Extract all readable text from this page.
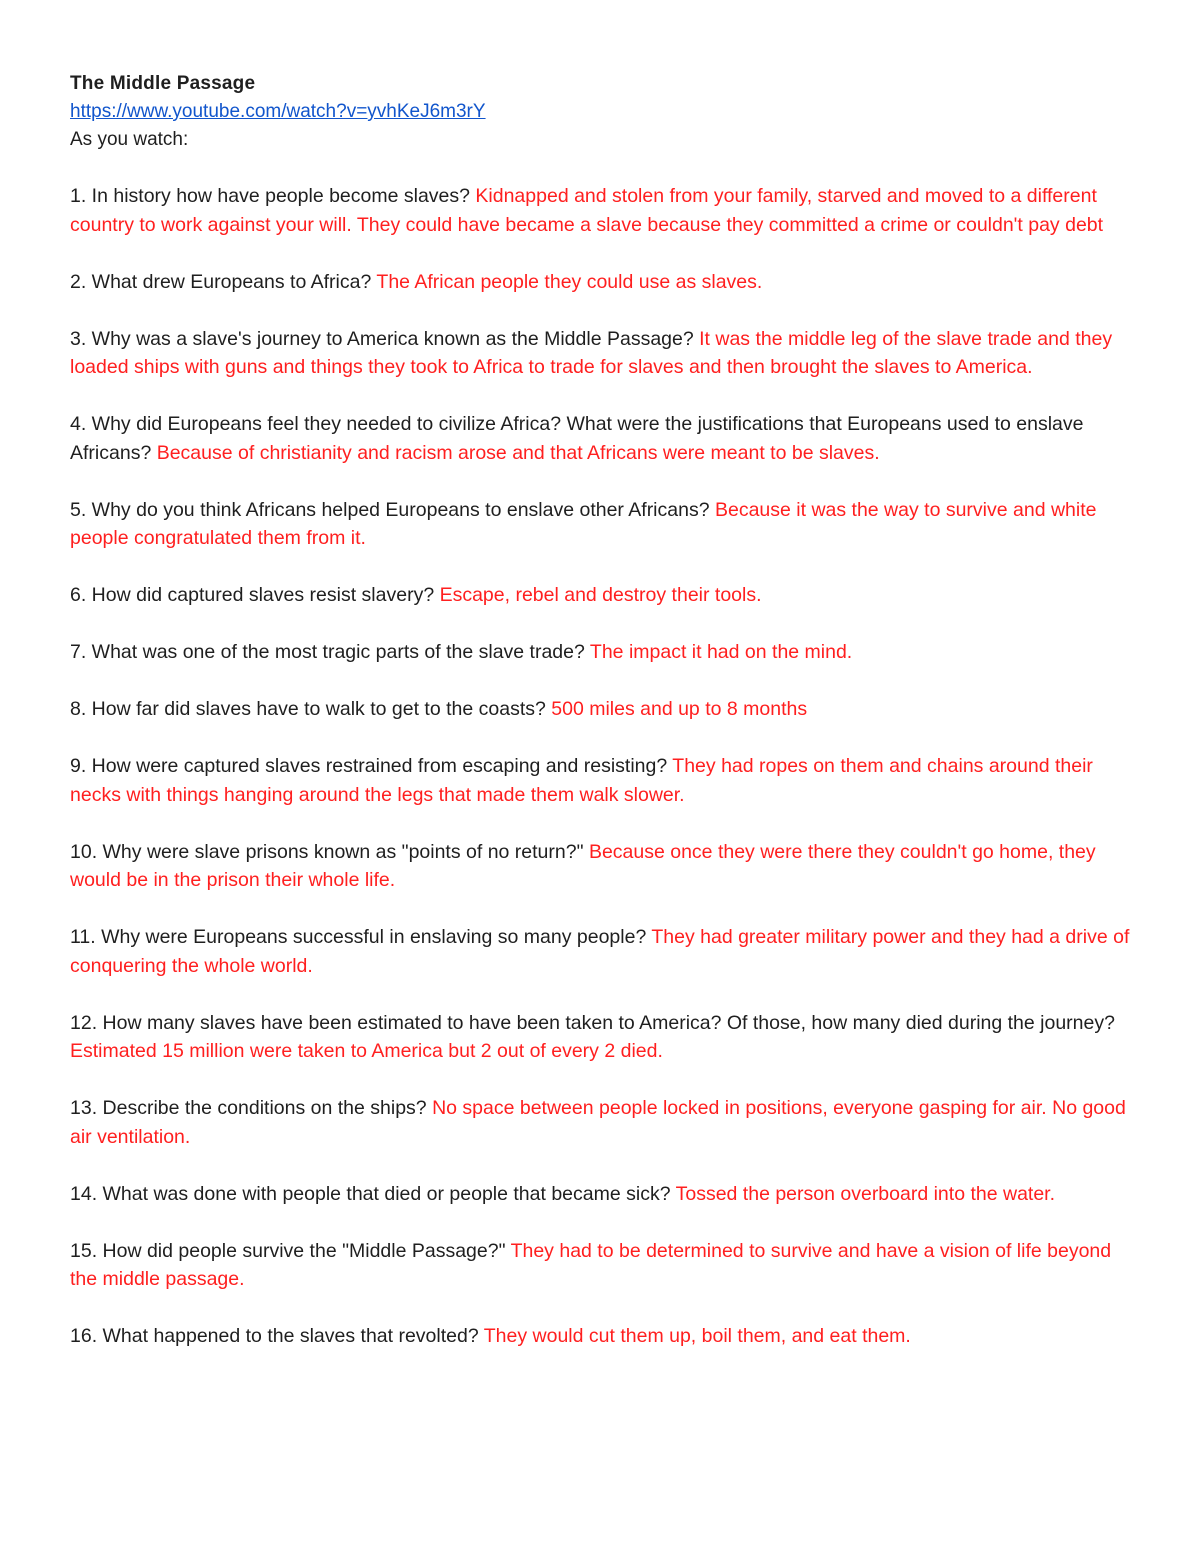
The Middle Passage

https://www.youtube.com/watch?v=yvhKeJ6m3rY

As you watch:

1. In history how have people become slaves? Kidnapped and stolen from your family, starved and moved to a different country to work against your will. They could have became a slave because they committed a crime or couldn't pay debt

2. What drew Europeans to Africa? The African people they could use as slaves.

3. Why was a slave's journey to America known as the Middle Passage? It was the middle leg of the slave trade and they loaded ships with guns and things they took to Africa to trade for slaves and then brought the slaves to America.

4. Why did Europeans feel they needed to civilize Africa? What were the justifications that Europeans used to enslave Africans? Because of christianity and racism arose and that Africans were meant to be slaves.

5. Why do you think Africans helped Europeans to enslave other Africans? Because it was the way to survive and white people congratulated them from it.

6. How did captured slaves resist slavery? Escape, rebel and destroy their tools.

7. What was one of the most tragic parts of the slave trade? The impact it had on the mind.

8. How far did slaves have to walk to get to the coasts? 500 miles and up to 8 months

9. How were captured slaves restrained from escaping and resisting? They had ropes on them and chains around their necks with things hanging around the legs that made them walk slower.

10. Why were slave prisons known as "points of no return?" Because once they were there they couldn't go home, they would be in the prison their whole life.

11. Why were Europeans successful in enslaving so many people? They had greater military power and they had a drive of conquering the whole world.

12. How many slaves have been estimated to have been taken to America? Of those, how many died during the journey? Estimated 15 million were taken to America but 2 out of every 2 died.

13. Describe the conditions on the ships? No space between people locked in positions, everyone gasping for air. No good air ventilation.

14. What was done with people that died or people that became sick? Tossed the person overboard into the water.

15. How did people survive the "Middle Passage?" They had to be determined to survive and have a vision of life beyond the middle passage.

16. What happened to the slaves that revolted? They would cut them up, boil them, and eat them.
